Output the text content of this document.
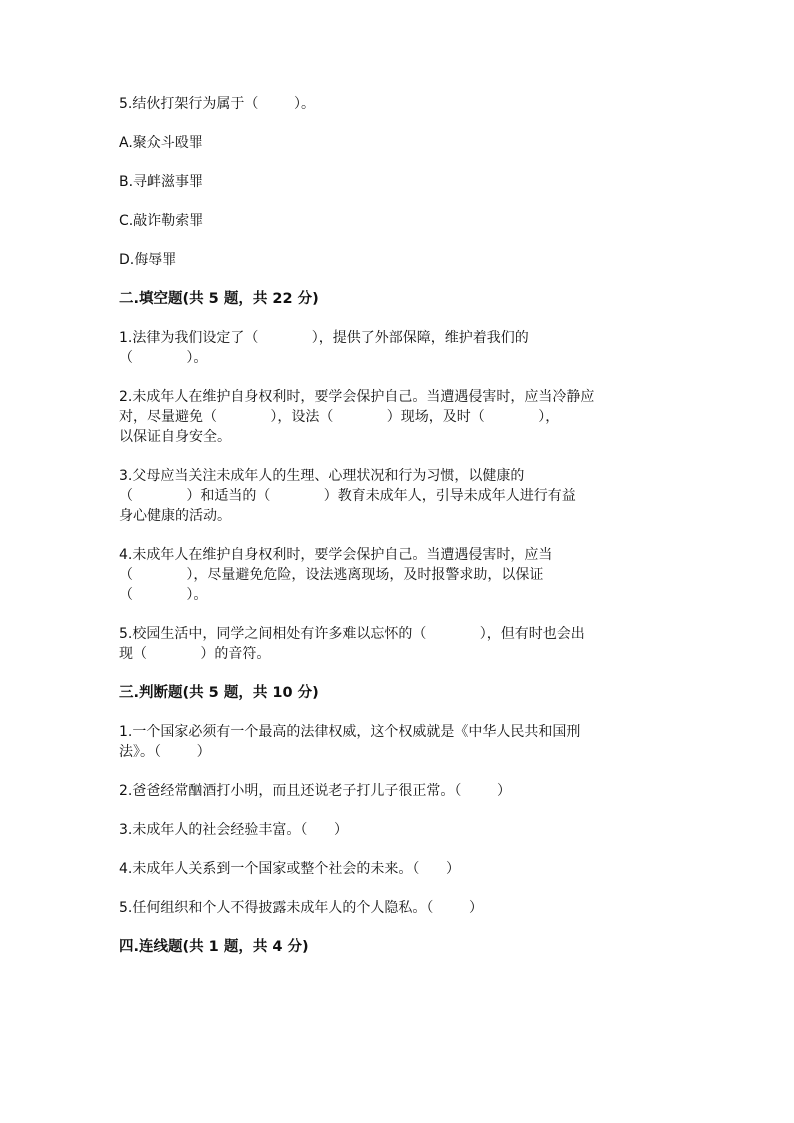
5.结伙打架行为属于（        ）。

A.聚众斗殴罪

B.寻衅滋事罪

C.敲诈勒索罪

D.侮辱罪

二.填空题(共 5 题，共 22 分)

1.法律为我们设定了（            ），提供了外部保障，维护着我们的

（            ）。

2.未成年人在维护自身权利时，要学会保护自己。当遭遇侵害时，应当冷静应

对，尽量避免（            ），设法（            ）现场，及时（            ），

以保证自身安全。

3.父母应当关注未成年人的生理、心理状况和行为习惯，以健康的

（            ）和适当的（            ）教育未成年人，引导未成年人进行有益

身心健康的活动。

4.未成年人在维护自身权利时，要学会保护自己。当遭遇侵害时，应当

（            ），尽量避免危险，设法逃离现场，及时报警求助，以保证

（            ）。

5.校园生活中，同学之间相处有许多难以忘怀的（            ），但有时也会出

现（            ）的音符。

三.判断题(共 5 题，共 10 分)

1.一个国家必须有一个最高的法律权威，这个权威就是《中华人民共和国刑

法》。（        ）

2.爸爸经常酗酒打小明，而且还说老子打儿子很正常。（        ）

3.未成年人的社会经验丰富。（      ）

4.未成年人关系到一个国家或整个社会的未来。（      ）

5.任何组织和个人不得披露未成年人的个人隐私。（        ）

四.连线题(共 1 题，共 4 分)
